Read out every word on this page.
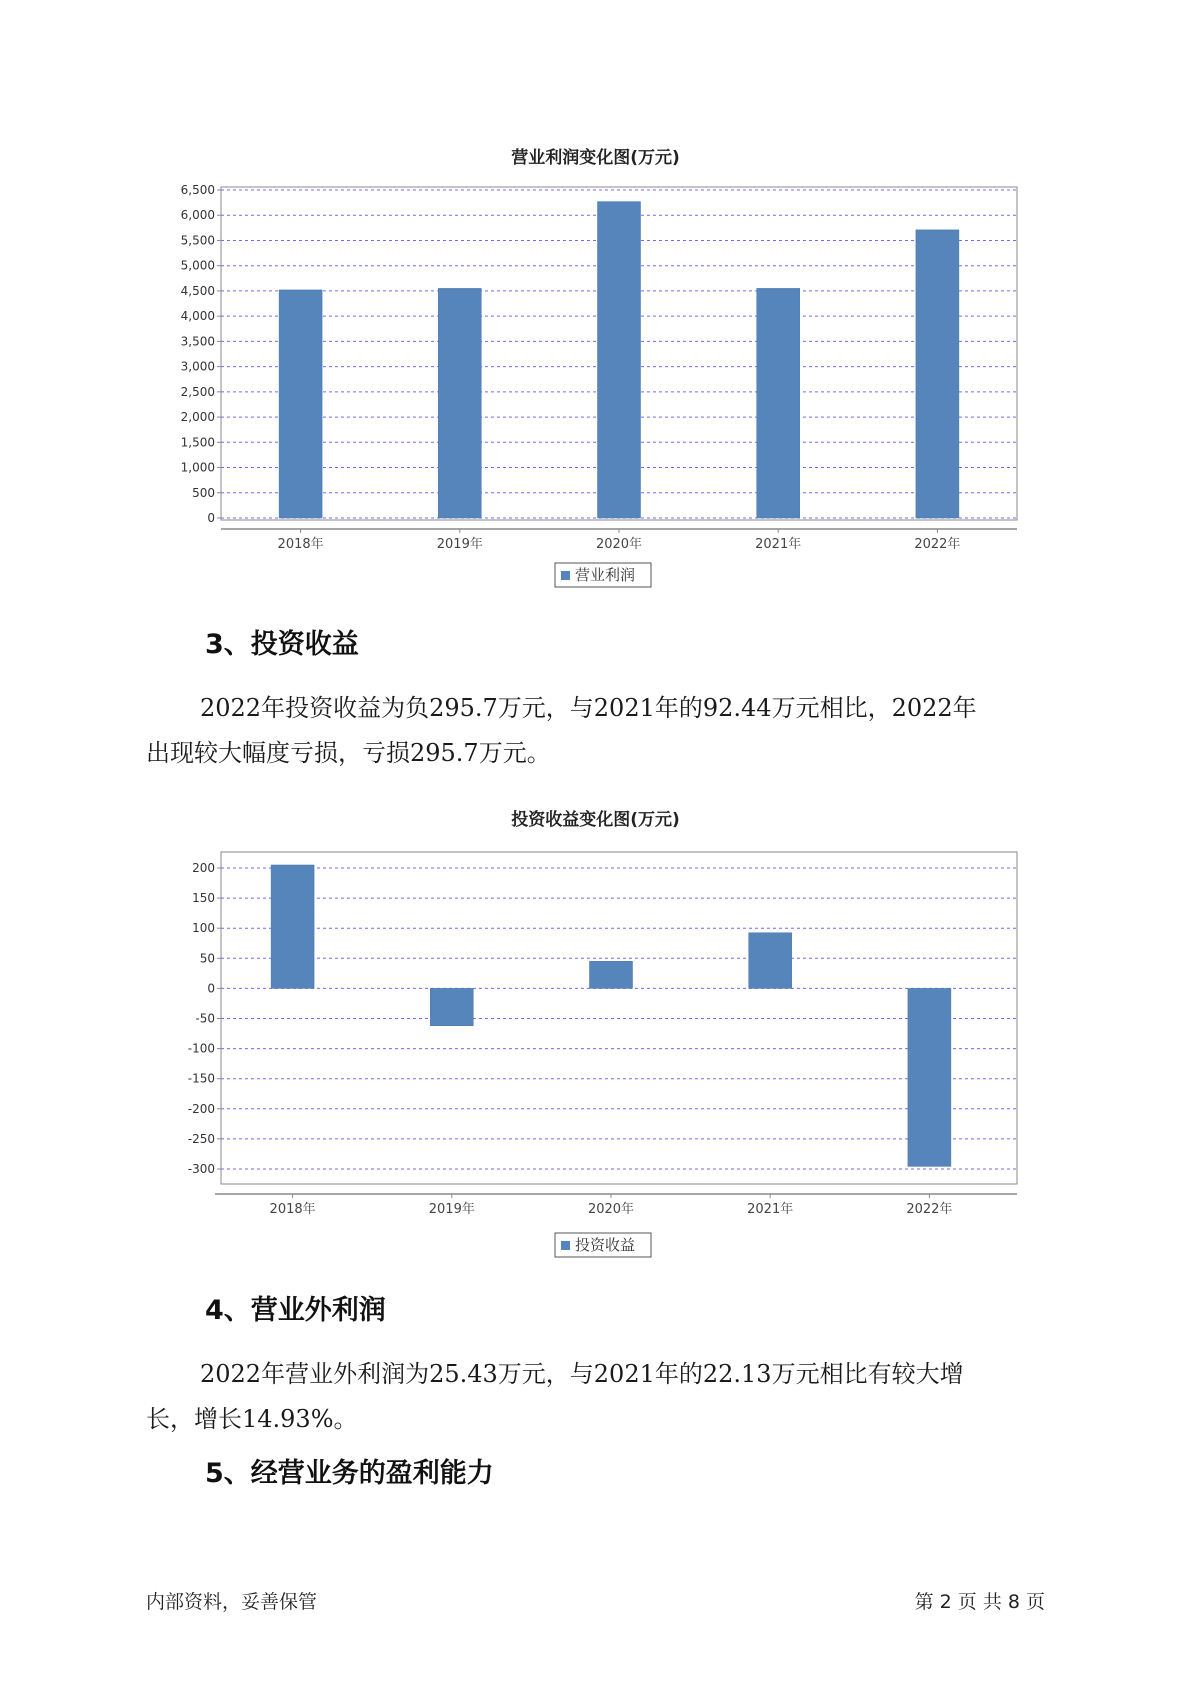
营业利润变化图(万元)
0
500
1,000
1,500
2,000
2,500
3,000
3,500
4,000
4,500
5,000
5,500
6,000
6,500
2018年	2019年	2020年	2021年	2022年
营业利润
3、投资收益
2022年投资收益为负295.7万元，与2021年的92.44万元相比，2022年
出现较大幅度亏损，亏损295.7万元。
投资收益变化图(万元)
200
150
100
50
0
-50
-100
-150
-200
-250
-300
2018年	2019年	2020年	2021年	2022年
投资收益
4、营业外利润
2022年营业外利润为25.43万元，与2021年的22.13万元相比有较大增
长，增长14.93%。
5、经营业务的盈利能力
内部资料，妥善保管	第 2 页 共 8 页
